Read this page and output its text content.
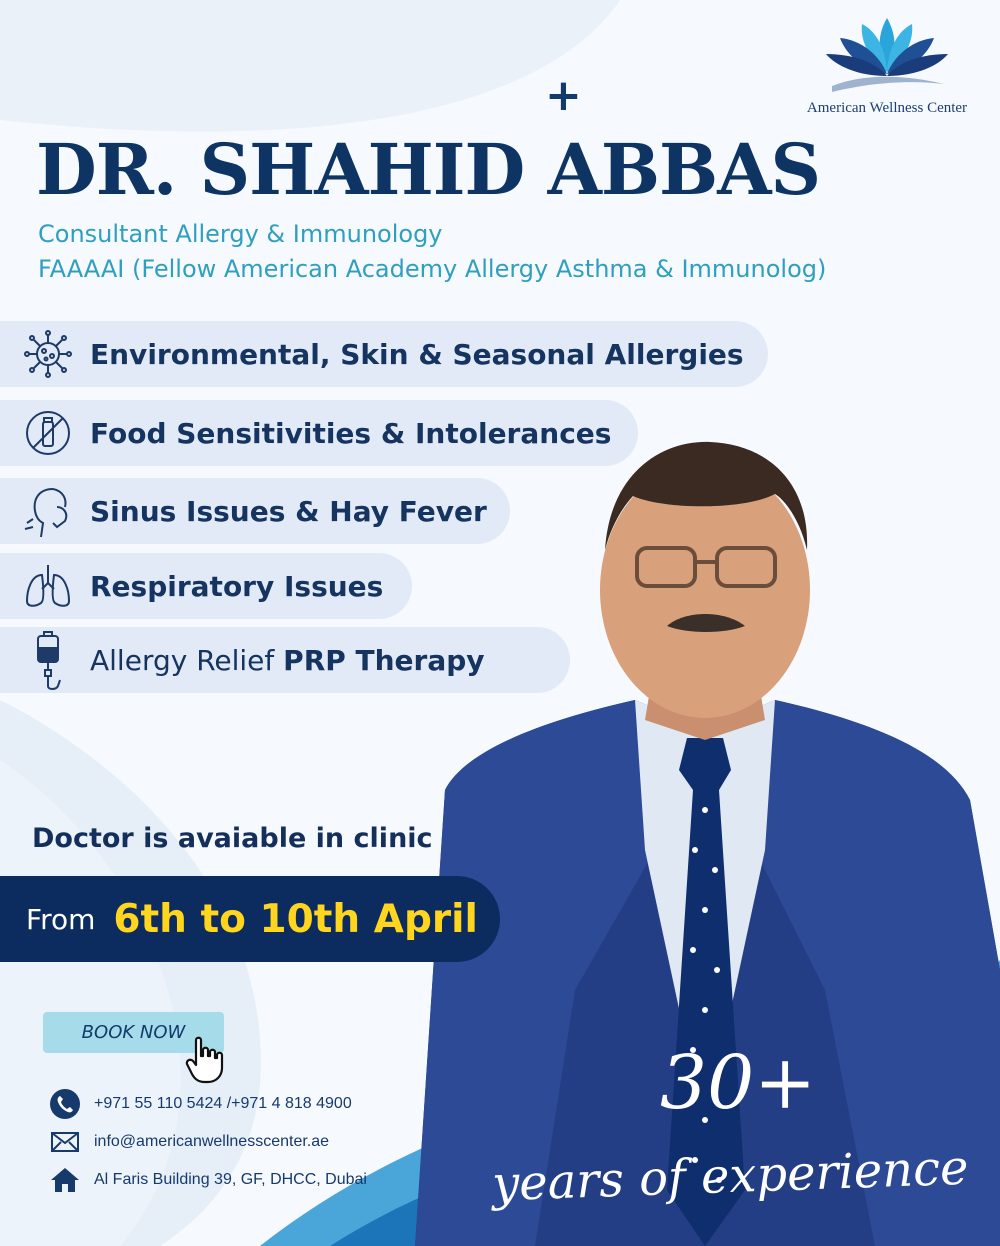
American Wellness Center
+
DR. SHAHID ABBAS
Consultant Allergy & Immunology
FAAAAI (Fellow American Academy Allergy Asthma & Immunolog)
Environmental, Skin & Seasonal Allergies
Food Sensitivities & Intolerances
Sinus Issues & Hay Fever
Respiratory Issues
Allergy Relief PRP Therapy
Doctor is avaiable in clinic
From 6th to 10th April
BOOK NOW
+971 55 110 5424 /+971 4 818 4900
info@americanwellnesscenter.ae
Al Faris Building 39, GF, DHCC, Dubai
30+
years of experience
